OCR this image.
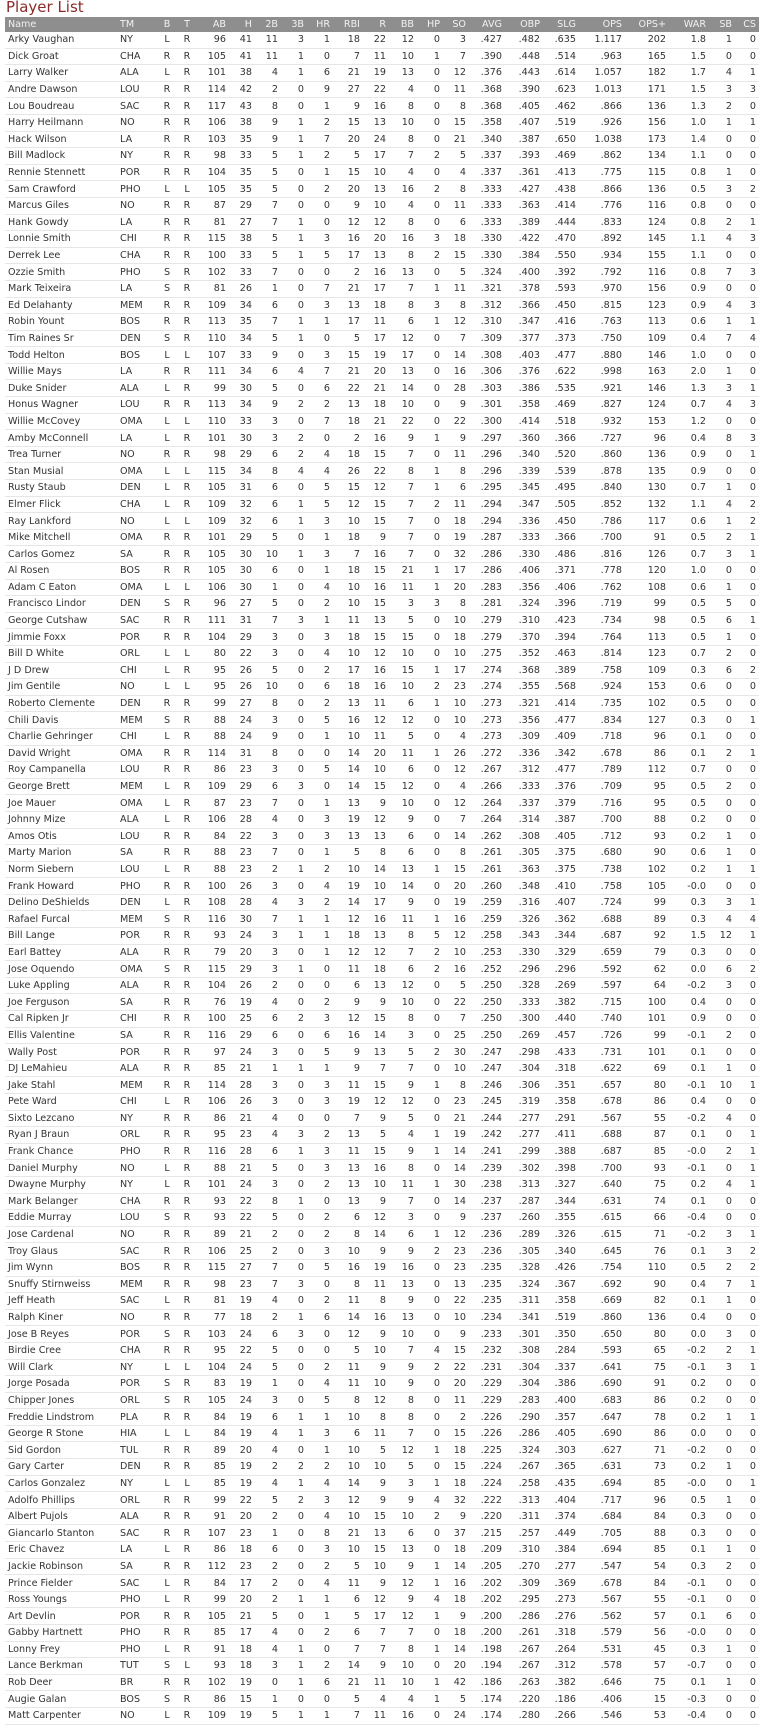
Player List
Name	TM	B	T	AB	H	2B	3B	HR	RBI	R	BB	HP	SO	AVG	OBP	SLG	OPS	OPS+	WAR	SB	CS
Arky Vaughan	NY	L	R	96	41	11	3	1	18	22	12	0	3	.427	.482	.635	1.117	202	1.8	1	0
Dick Groat	CHA	R	R	105	41	11	1	0	7	11	10	1	7	.390	.448	.514	.963	165	1.5	0	0
Larry Walker	ALA	L	R	101	38	4	1	6	21	19	13	0	12	.376	.443	.614	1.057	182	1.7	4	1
Andre Dawson	LOU	R	R	114	42	2	0	9	27	22	4	0	11	.368	.390	.623	1.013	171	1.5	3	3
Lou Boudreau	SAC	R	R	117	43	8	0	1	9	16	8	0	8	.368	.405	.462	.866	136	1.3	2	0
Harry Heilmann	NO	R	R	106	38	9	1	2	15	13	10	0	15	.358	.407	.519	.926	156	1.0	1	1
Hack Wilson	LA	R	R	103	35	9	1	7	20	24	8	0	21	.340	.387	.650	1.038	173	1.4	0	0
Bill Madlock	NY	R	R	98	33	5	1	2	5	17	7	2	5	.337	.393	.469	.862	134	1.1	0	0
Rennie Stennett	POR	R	R	104	35	5	0	1	15	10	4	0	4	.337	.361	.413	.775	115	0.8	1	0
Sam Crawford	PHO	L	L	105	35	5	0	2	20	13	16	2	8	.333	.427	.438	.866	136	0.5	3	2
Marcus Giles	NO	R	R	87	29	7	0	0	9	10	4	0	11	.333	.363	.414	.776	116	0.8	0	0
Hank Gowdy	LA	R	R	81	27	7	1	0	12	12	8	0	6	.333	.389	.444	.833	124	0.8	2	1
Lonnie Smith	CHI	R	R	115	38	5	1	3	16	20	16	3	18	.330	.422	.470	.892	145	1.1	4	3
Derrek Lee	CHA	R	R	100	33	5	1	5	17	13	8	2	15	.330	.384	.550	.934	155	1.1	0	0
Ozzie Smith	PHO	S	R	102	33	7	0	0	2	16	13	0	5	.324	.400	.392	.792	116	0.8	7	3
Mark Teixeira	LA	S	R	81	26	1	0	7	21	17	7	1	11	.321	.378	.593	.970	156	0.9	0	0
Ed Delahanty	MEM	R	R	109	34	6	0	3	13	18	8	3	8	.312	.366	.450	.815	123	0.9	4	3
Robin Yount	BOS	R	R	113	35	7	1	1	17	11	6	1	12	.310	.347	.416	.763	113	0.6	1	1
Tim Raines Sr	DEN	S	R	110	34	5	1	0	5	17	12	0	7	.309	.377	.373	.750	109	0.4	7	4
Todd Helton	BOS	L	L	107	33	9	0	3	15	19	17	0	14	.308	.403	.477	.880	146	1.0	0	0
Willie Mays	LA	R	R	111	34	6	4	7	21	20	13	0	16	.306	.376	.622	.998	163	2.0	1	0
Duke Snider	ALA	L	R	99	30	5	0	6	22	21	14	0	28	.303	.386	.535	.921	146	1.3	3	1
Honus Wagner	LOU	R	R	113	34	9	2	2	13	18	10	0	9	.301	.358	.469	.827	124	0.7	4	3
Willie McCovey	OMA	L	L	110	33	3	0	7	18	21	22	0	22	.300	.414	.518	.932	153	1.2	0	0
Amby McConnell	LA	L	R	101	30	3	2	0	2	16	9	1	9	.297	.360	.366	.727	96	0.4	8	3
Trea Turner	NO	R	R	98	29	6	2	4	18	15	7	0	11	.296	.340	.520	.860	136	0.9	0	1
Stan Musial	OMA	L	L	115	34	8	4	4	26	22	8	1	8	.296	.339	.539	.878	135	0.9	0	0
Rusty Staub	DEN	L	R	105	31	6	0	5	15	12	7	1	6	.295	.345	.495	.840	130	0.7	1	0
Elmer Flick	CHA	L	R	109	32	6	1	5	12	15	7	2	11	.294	.347	.505	.852	132	1.1	4	2
Ray Lankford	NO	L	L	109	32	6	1	3	10	15	7	0	18	.294	.336	.450	.786	117	0.6	1	2
Mike Mitchell	OMA	R	R	101	29	5	0	1	18	9	7	0	19	.287	.333	.366	.700	91	0.5	2	1
Carlos Gomez	SA	R	R	105	30	10	1	3	7	16	7	0	32	.286	.330	.486	.816	126	0.7	3	1
Al Rosen	BOS	R	R	105	30	6	0	1	18	15	21	1	17	.286	.406	.371	.778	120	1.0	0	0
Adam C Eaton	OMA	L	L	106	30	1	0	4	10	16	11	1	20	.283	.356	.406	.762	108	0.6	1	0
Francisco Lindor	DEN	S	R	96	27	5	0	2	10	15	3	3	8	.281	.324	.396	.719	99	0.5	5	0
George Cutshaw	SAC	R	R	111	31	7	3	1	11	13	5	0	10	.279	.310	.423	.734	98	0.5	6	1
Jimmie Foxx	POR	R	R	104	29	3	0	3	18	15	15	0	18	.279	.370	.394	.764	113	0.5	1	0
Bill D White	ORL	L	L	80	22	3	0	4	10	12	10	0	10	.275	.352	.463	.814	123	0.7	2	0
J D Drew	CHI	L	R	95	26	5	0	2	17	16	15	1	17	.274	.368	.389	.758	109	0.3	6	2
Jim Gentile	NO	L	L	95	26	10	0	6	18	16	10	2	23	.274	.355	.568	.924	153	0.6	0	0
Roberto Clemente	DEN	R	R	99	27	8	0	2	13	11	6	1	10	.273	.321	.414	.735	102	0.5	0	0
Chili Davis	MEM	S	R	88	24	3	0	5	16	12	12	0	10	.273	.356	.477	.834	127	0.3	0	1
Charlie Gehringer	CHI	L	R	88	24	9	0	1	10	11	5	0	4	.273	.309	.409	.718	96	0.1	0	0
David Wright	OMA	R	R	114	31	8	0	0	14	20	11	1	26	.272	.336	.342	.678	86	0.1	2	1
Roy Campanella	LOU	R	R	86	23	3	0	5	14	10	6	0	12	.267	.312	.477	.789	112	0.7	0	0
George Brett	MEM	L	R	109	29	6	3	0	14	15	12	0	4	.266	.333	.376	.709	95	0.5	2	0
Joe Mauer	OMA	L	R	87	23	7	0	1	13	9	10	0	12	.264	.337	.379	.716	95	0.5	0	0
Johnny Mize	ALA	L	R	106	28	4	0	3	19	12	9	0	7	.264	.314	.387	.700	88	0.2	0	0
Amos Otis	LOU	R	R	84	22	3	0	3	13	13	6	0	14	.262	.308	.405	.712	93	0.2	1	0
Marty Marion	SA	R	R	88	23	7	0	1	5	8	6	0	8	.261	.305	.375	.680	90	0.6	1	0
Norm Siebern	LOU	L	R	88	23	2	1	2	10	14	13	1	15	.261	.363	.375	.738	102	0.2	1	1
Frank Howard	PHO	R	R	100	26	3	0	4	19	10	14	0	20	.260	.348	.410	.758	105	-0.0	0	0
Delino DeShields	DEN	L	R	108	28	4	3	2	14	17	9	0	19	.259	.316	.407	.724	99	0.3	3	1
Rafael Furcal	MEM	S	R	116	30	7	1	1	12	16	11	1	16	.259	.326	.362	.688	89	0.3	4	4
Bill Lange	POR	R	R	93	24	3	1	1	18	13	8	5	12	.258	.343	.344	.687	92	1.5	12	1
Earl Battey	ALA	R	R	79	20	3	0	1	12	12	7	2	10	.253	.330	.329	.659	79	0.3	0	0
Jose Oquendo	OMA	S	R	115	29	3	1	0	11	18	6	2	16	.252	.296	.296	.592	62	0.0	6	2
Luke Appling	ALA	R	R	104	26	2	0	0	6	13	12	0	5	.250	.328	.269	.597	64	-0.2	3	0
Joe Ferguson	SA	R	R	76	19	4	0	2	9	9	10	0	22	.250	.333	.382	.715	100	0.4	0	0
Cal Ripken Jr	CHI	R	R	100	25	6	2	3	12	15	8	0	7	.250	.300	.440	.740	101	0.9	0	0
Ellis Valentine	SA	R	R	116	29	6	0	6	16	14	3	0	25	.250	.269	.457	.726	99	-0.1	2	0
Wally Post	POR	R	R	97	24	3	0	5	9	13	5	2	30	.247	.298	.433	.731	101	0.1	0	0
DJ LeMahieu	ALA	R	R	85	21	1	1	1	9	7	7	0	10	.247	.304	.318	.622	69	0.1	1	0
Jake Stahl	MEM	R	R	114	28	3	0	3	11	15	9	1	8	.246	.306	.351	.657	80	-0.1	10	1
Pete Ward	CHI	L	R	106	26	3	0	3	19	12	12	0	23	.245	.319	.358	.678	86	0.4	0	0
Sixto Lezcano	NY	R	R	86	21	4	0	0	7	9	5	0	21	.244	.277	.291	.567	55	-0.2	4	0
Ryan J Braun	ORL	R	R	95	23	4	3	2	13	5	4	1	19	.242	.277	.411	.688	87	0.1	0	1
Frank Chance	PHO	R	R	116	28	6	1	3	11	15	9	1	14	.241	.299	.388	.687	85	-0.0	2	1
Daniel Murphy	NO	L	R	88	21	5	0	3	13	16	8	0	14	.239	.302	.398	.700	93	-0.1	0	1
Dwayne Murphy	NY	L	R	101	24	3	0	2	13	10	11	1	30	.238	.313	.327	.640	75	0.2	4	1
Mark Belanger	CHA	R	R	93	22	8	1	0	13	9	7	0	14	.237	.287	.344	.631	74	0.1	0	0
Eddie Murray	LOU	S	R	93	22	5	0	2	6	12	3	0	9	.237	.260	.355	.615	66	-0.4	0	0
Jose Cardenal	NO	R	R	89	21	2	0	2	8	14	6	1	12	.236	.289	.326	.615	71	-0.2	3	1
Troy Glaus	SAC	R	R	106	25	2	0	3	10	9	9	2	23	.236	.305	.340	.645	76	0.1	3	2
Jim Wynn	BOS	R	R	115	27	7	0	5	16	19	16	0	23	.235	.328	.426	.754	110	0.5	2	2
Snuffy Stirnweiss	MEM	R	R	98	23	7	3	0	8	11	13	0	13	.235	.324	.367	.692	90	0.4	7	1
Jeff Heath	SAC	L	R	81	19	4	0	2	11	8	9	0	22	.235	.311	.358	.669	82	0.1	1	0
Ralph Kiner	NO	R	R	77	18	2	1	6	14	16	13	0	10	.234	.341	.519	.860	136	0.4	0	0
Jose B Reyes	POR	S	R	103	24	6	3	0	12	9	10	0	9	.233	.301	.350	.650	80	0.0	3	0
Birdie Cree	CHA	R	R	95	22	5	0	0	5	10	7	4	15	.232	.308	.284	.593	65	-0.2	2	1
Will Clark	NY	L	L	104	24	5	0	2	11	9	9	2	22	.231	.304	.337	.641	75	-0.1	3	1
Jorge Posada	POR	S	R	83	19	1	0	4	11	10	9	0	20	.229	.304	.386	.690	91	0.2	0	0
Chipper Jones	ORL	S	R	105	24	3	0	5	8	12	8	0	11	.229	.283	.400	.683	86	0.2	0	0
Freddie Lindstrom	PLA	R	R	84	19	6	1	1	10	8	8	0	2	.226	.290	.357	.647	78	0.2	1	1
George R Stone	HIA	L	L	84	19	4	1	3	6	11	7	0	15	.226	.286	.405	.690	86	0.0	0	0
Sid Gordon	TUL	R	R	89	20	4	0	1	10	5	12	1	18	.225	.324	.303	.627	71	-0.2	0	0
Gary Carter	DEN	R	R	85	19	2	2	2	10	10	5	0	15	.224	.267	.365	.631	73	0.2	1	0
Carlos Gonzalez	NY	L	L	85	19	4	1	4	14	9	3	1	18	.224	.258	.435	.694	85	-0.0	0	1
Adolfo Phillips	ORL	R	R	99	22	5	2	3	12	9	9	4	32	.222	.313	.404	.717	96	0.5	1	0
Albert Pujols	ALA	R	R	91	20	2	0	4	10	15	10	2	9	.220	.311	.374	.684	84	0.3	0	0
Giancarlo Stanton	SAC	R	R	107	23	1	0	8	21	13	6	0	37	.215	.257	.449	.705	88	0.3	0	0
Eric Chavez	LA	L	R	86	18	6	0	3	10	15	13	0	18	.209	.310	.384	.694	85	0.1	1	0
Jackie Robinson	SA	R	R	112	23	2	0	2	5	10	9	1	14	.205	.270	.277	.547	54	0.3	2	0
Prince Fielder	SAC	L	R	84	17	2	0	4	11	9	12	1	16	.202	.309	.369	.678	84	-0.1	0	0
Ross Youngs	PHO	L	R	99	20	2	1	1	6	12	9	4	18	.202	.295	.273	.567	55	-0.1	0	0
Art Devlin	POR	R	R	105	21	5	0	1	5	17	12	1	9	.200	.286	.276	.562	57	0.1	6	0
Gabby Hartnett	PHO	R	R	85	17	4	0	2	6	7	7	0	18	.200	.261	.318	.579	56	-0.0	0	0
Lonny Frey	PHO	L	R	91	18	4	1	0	7	7	8	1	14	.198	.267	.264	.531	45	0.3	1	0
Lance Berkman	TUT	S	L	93	18	3	1	2	14	9	10	0	20	.194	.267	.312	.578	57	-0.7	0	0
Rob Deer	BR	R	R	102	19	0	1	6	21	11	10	1	42	.186	.263	.382	.646	75	0.1	1	0
Augie Galan	BOS	S	R	86	15	1	0	0	5	4	4	1	5	.174	.220	.186	.406	15	-0.3	0	0
Matt Carpenter	NO	L	R	109	19	5	1	1	7	11	16	0	24	.174	.280	.266	.546	53	-0.4	0	0
